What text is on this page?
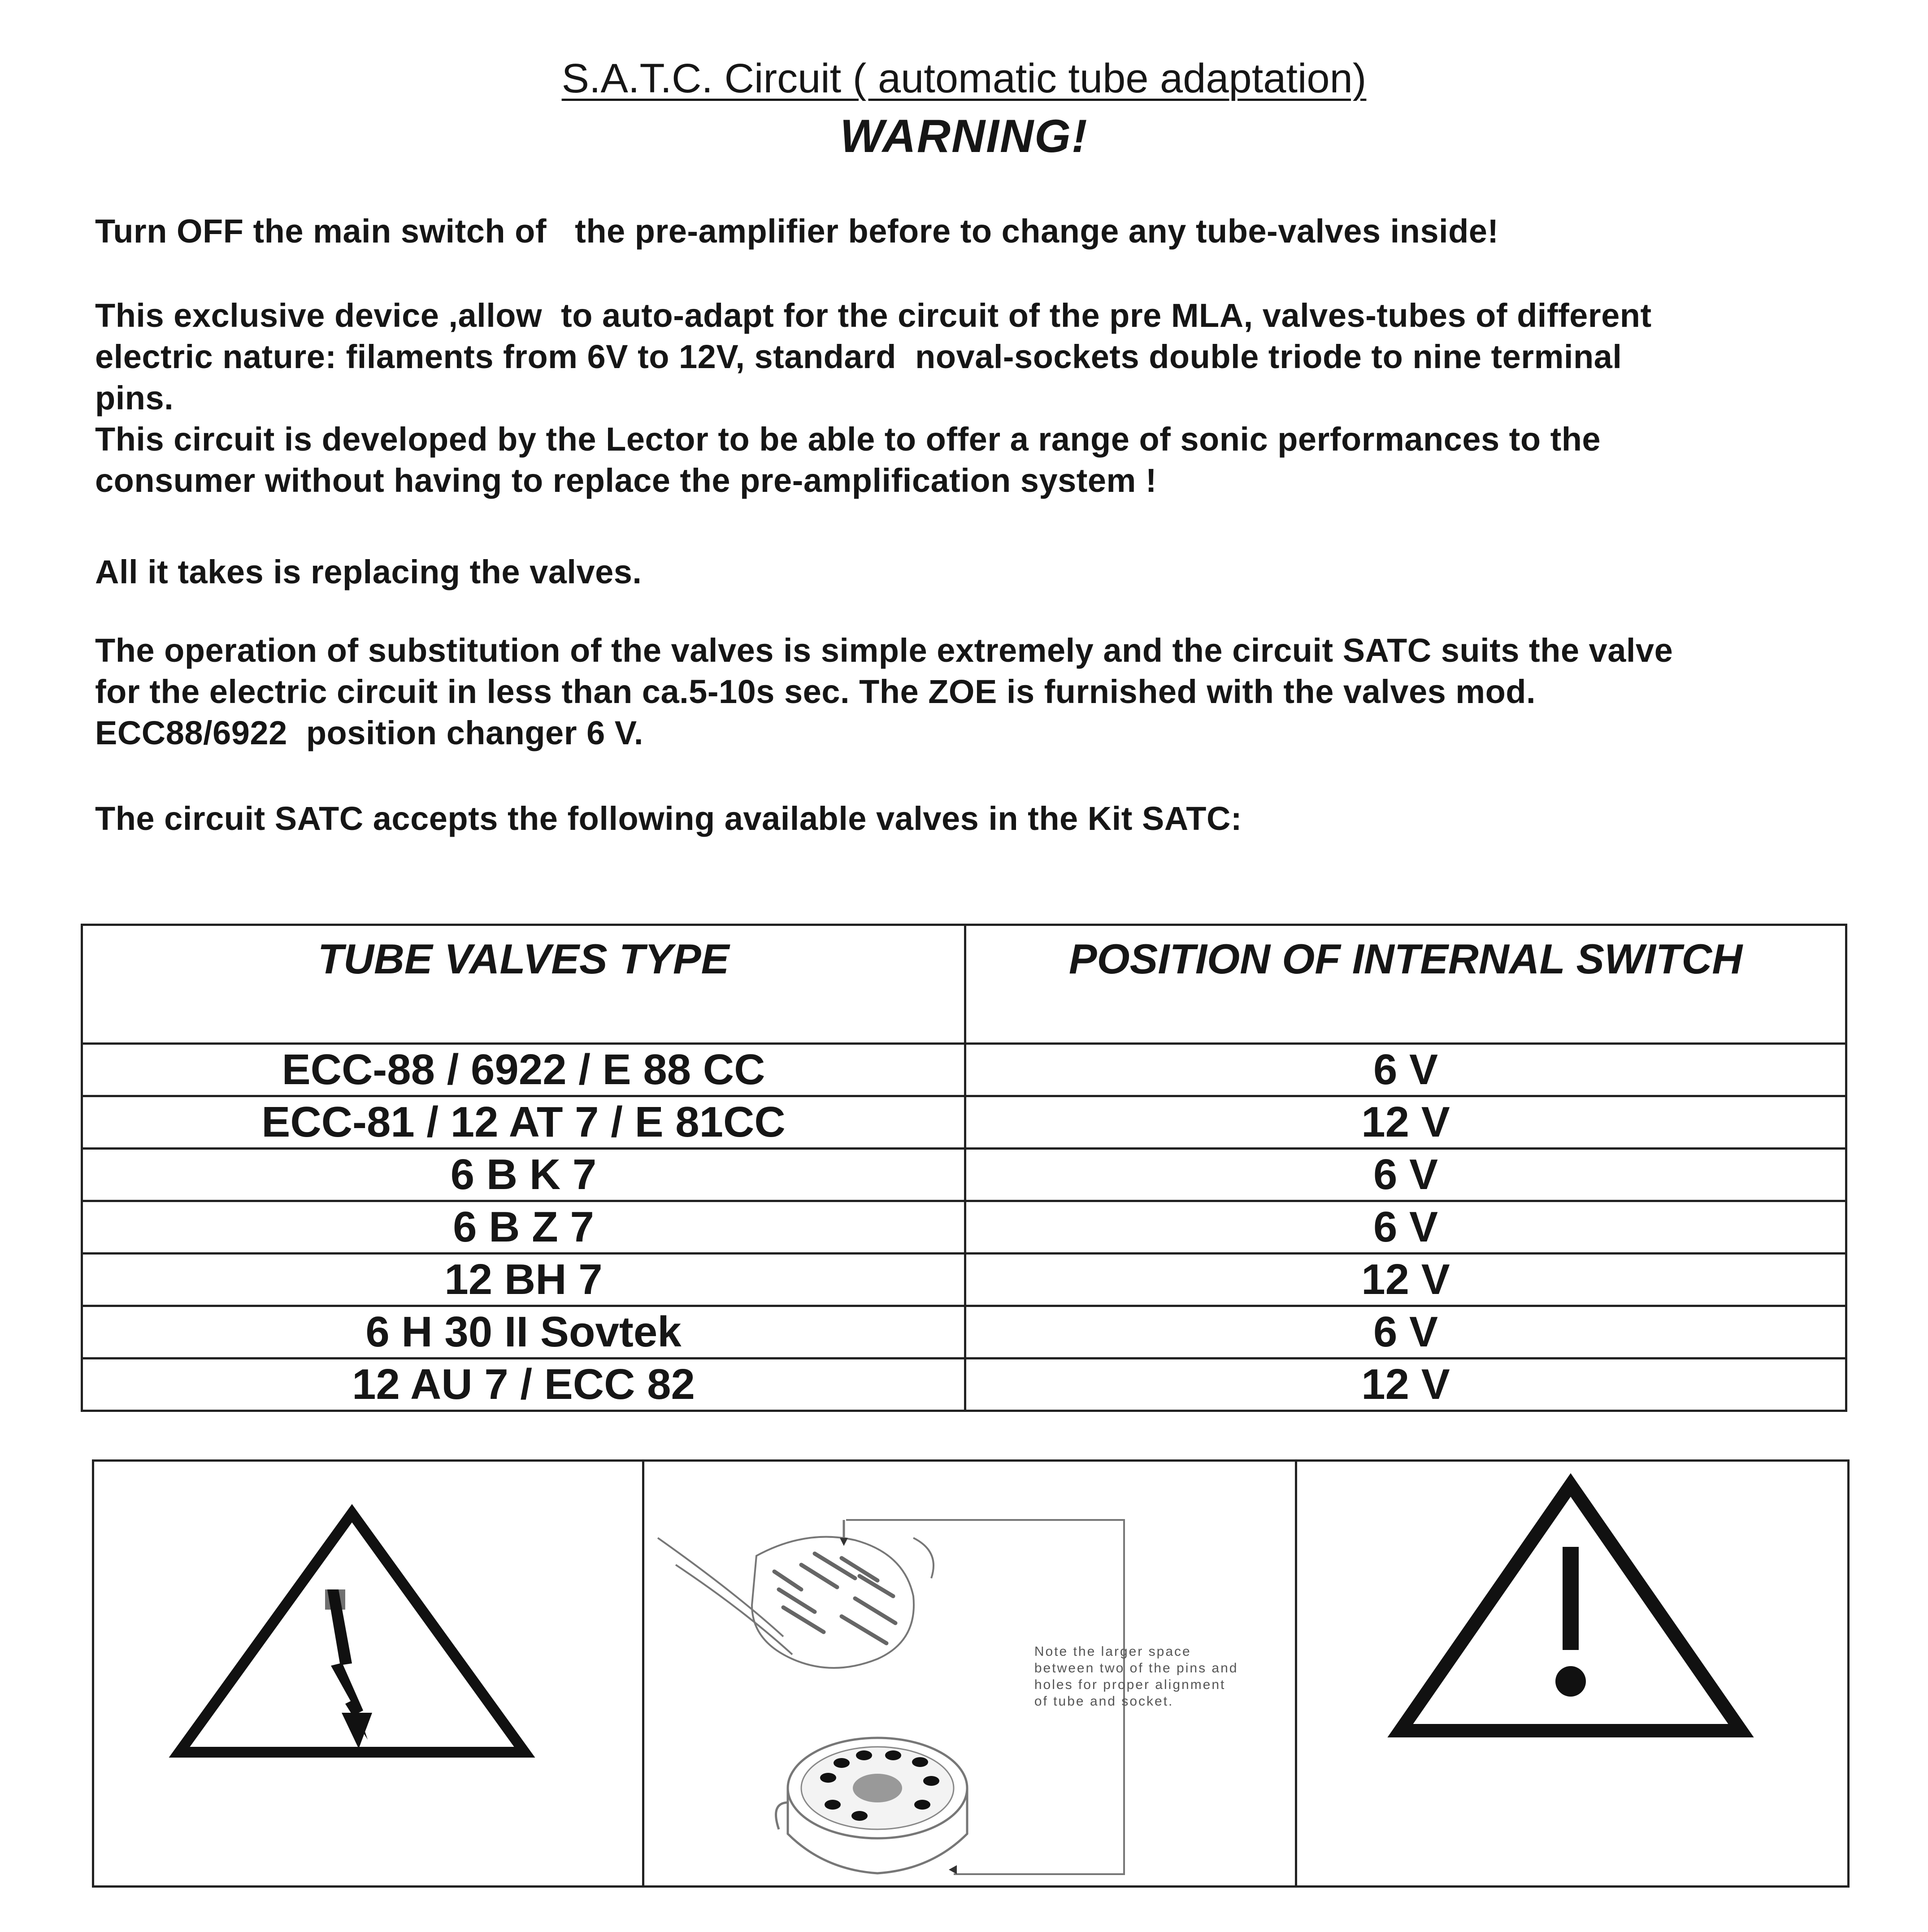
S.A.T.C. Circuit ( automatic tube adaptation)
WARNING!
Turn OFF the main switch of   the pre-amplifier before to change any tube-valves inside!
This exclusive device ,allow  to auto-adapt for the circuit of the pre MLA, valves-tubes of different
electric nature: filaments from 6V to 12V, standard  noval-sockets double triode to nine terminal
pins.
This circuit is developed by the Lector to be able to offer a range of sonic performances to the
consumer without having to replace the pre-amplification system !
All it takes is replacing the valves.
The operation of substitution of the valves is simple extremely and the circuit SATC suits the valve
for the electric circuit in less than ca.5-10s sec. The ZOE is furnished with the valves mod.
ECC88/6922  position changer 6 V.
The circuit SATC accepts the following available valves in the Kit SATC:
TUBE VALVES TYPE	POSITION OF INTERNAL SWITCH
ECC-88 / 6922 / E 88 CC	6 V
ECC-81 / 12 AT 7 / E 81CC	12 V
6 B K 7	6 V
6 B Z 7	6 V
12 BH 7	12 V
6 H 30 II Sovtek	6 V
12 AU 7 / ECC 82	12 V
Note the larger space
between two of the pins and
holes for proper alignment
of tube and socket.
